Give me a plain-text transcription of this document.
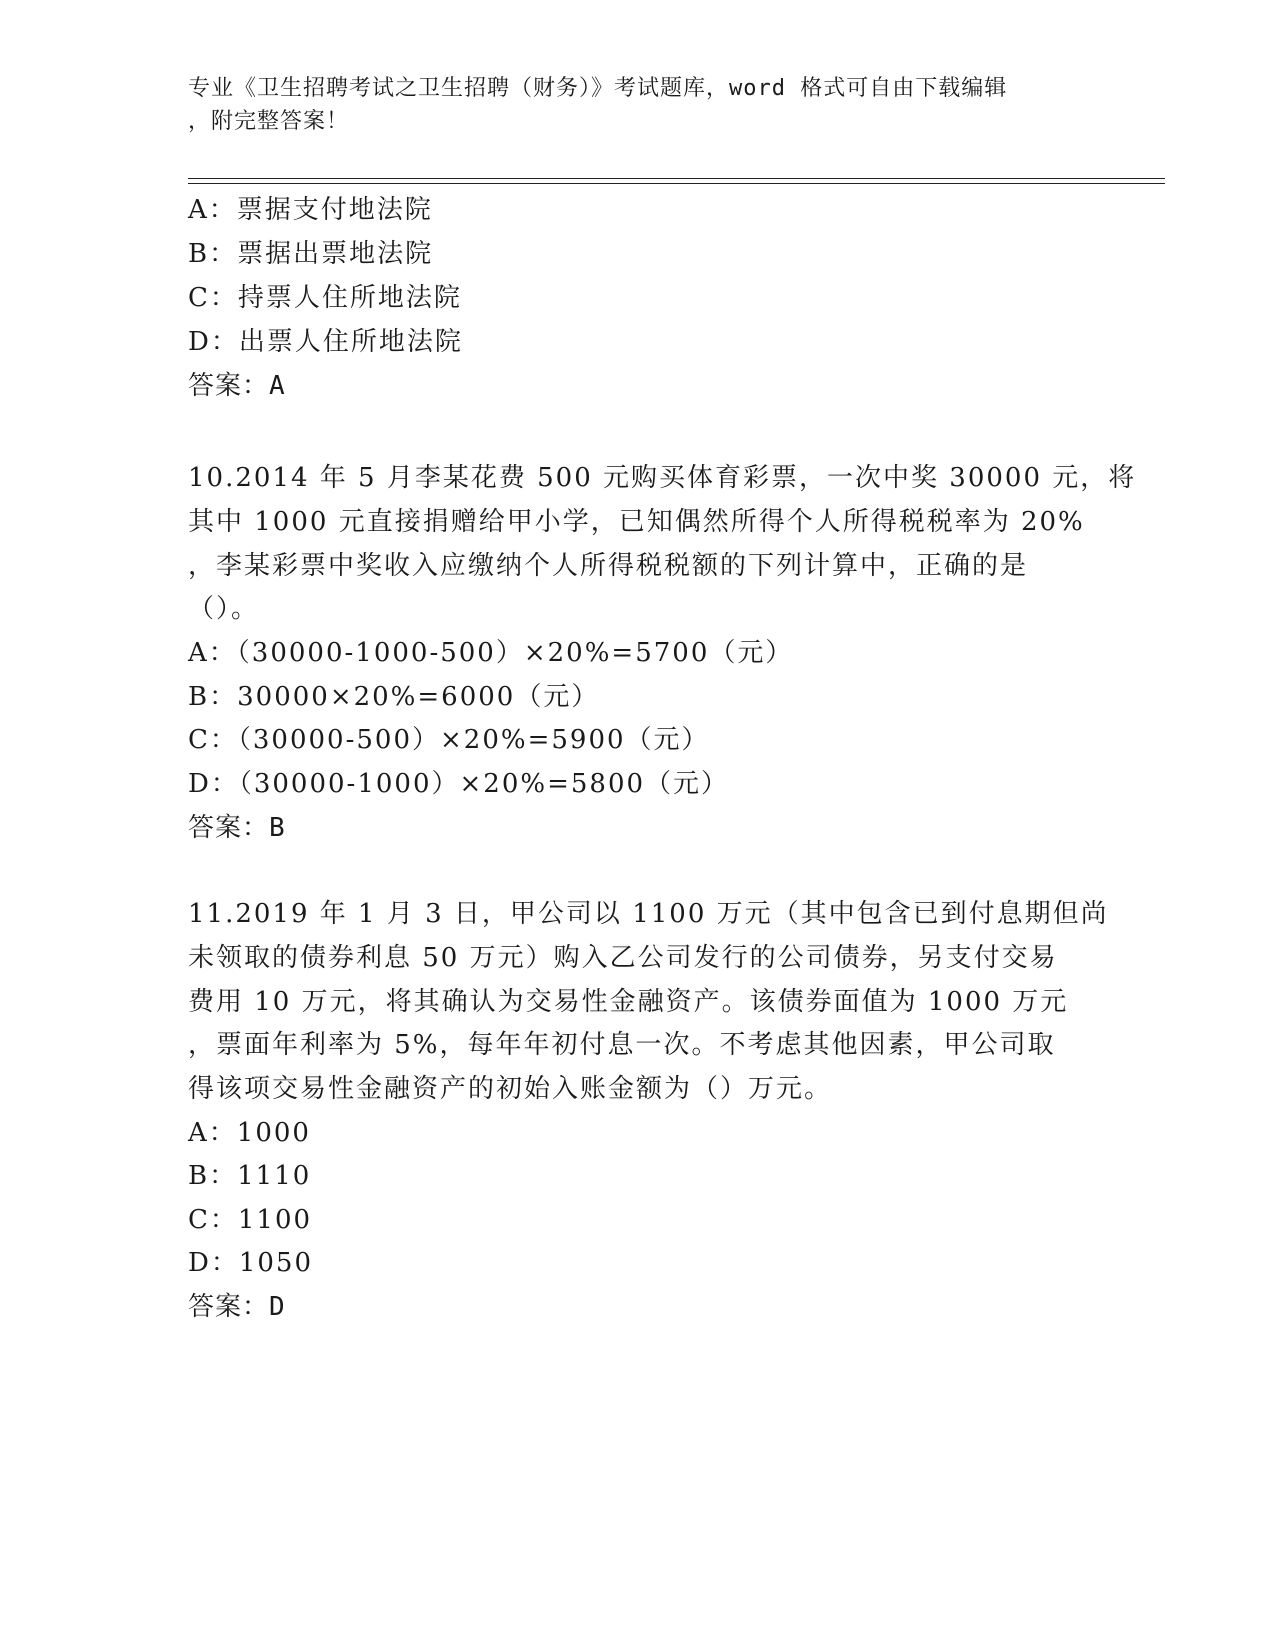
专业《卫生招聘考试之卫生招聘（财务）》考试题库，word 格式可自由下载编辑
，附完整答案！
A：票据支付地法院
B：票据出票地法院
C：持票人住所地法院
D：出票人住所地法院
答案：A
10.2014 年 5 月李某花费 500 元购买体育彩票，一次中奖 30000 元，将
其中 1000 元直接捐赠给甲小学，已知偶然所得个人所得税税率为 20%
，李某彩票中奖收入应缴纳个人所得税税额的下列计算中，正确的是
（）。
A：（30000-1000-500）×20%=5700（元）
B：30000×20%=6000（元）
C：（30000-500）×20%=5900（元）
D：（30000-1000）×20%=5800（元）
答案：B
11.2019 年 1 月 3 日，甲公司以 1100 万元（其中包含已到付息期但尚
未领取的债券利息 50 万元）购入乙公司发行的公司债券，另支付交易
费用 10 万元，将其确认为交易性金融资产。该债券面值为 1000 万元
，票面年利率为 5%，每年年初付息一次。不考虑其他因素，甲公司取
得该项交易性金融资产的初始入账金额为（）万元。
A：1000
B：1110
C：1100
D：1050
答案：D
